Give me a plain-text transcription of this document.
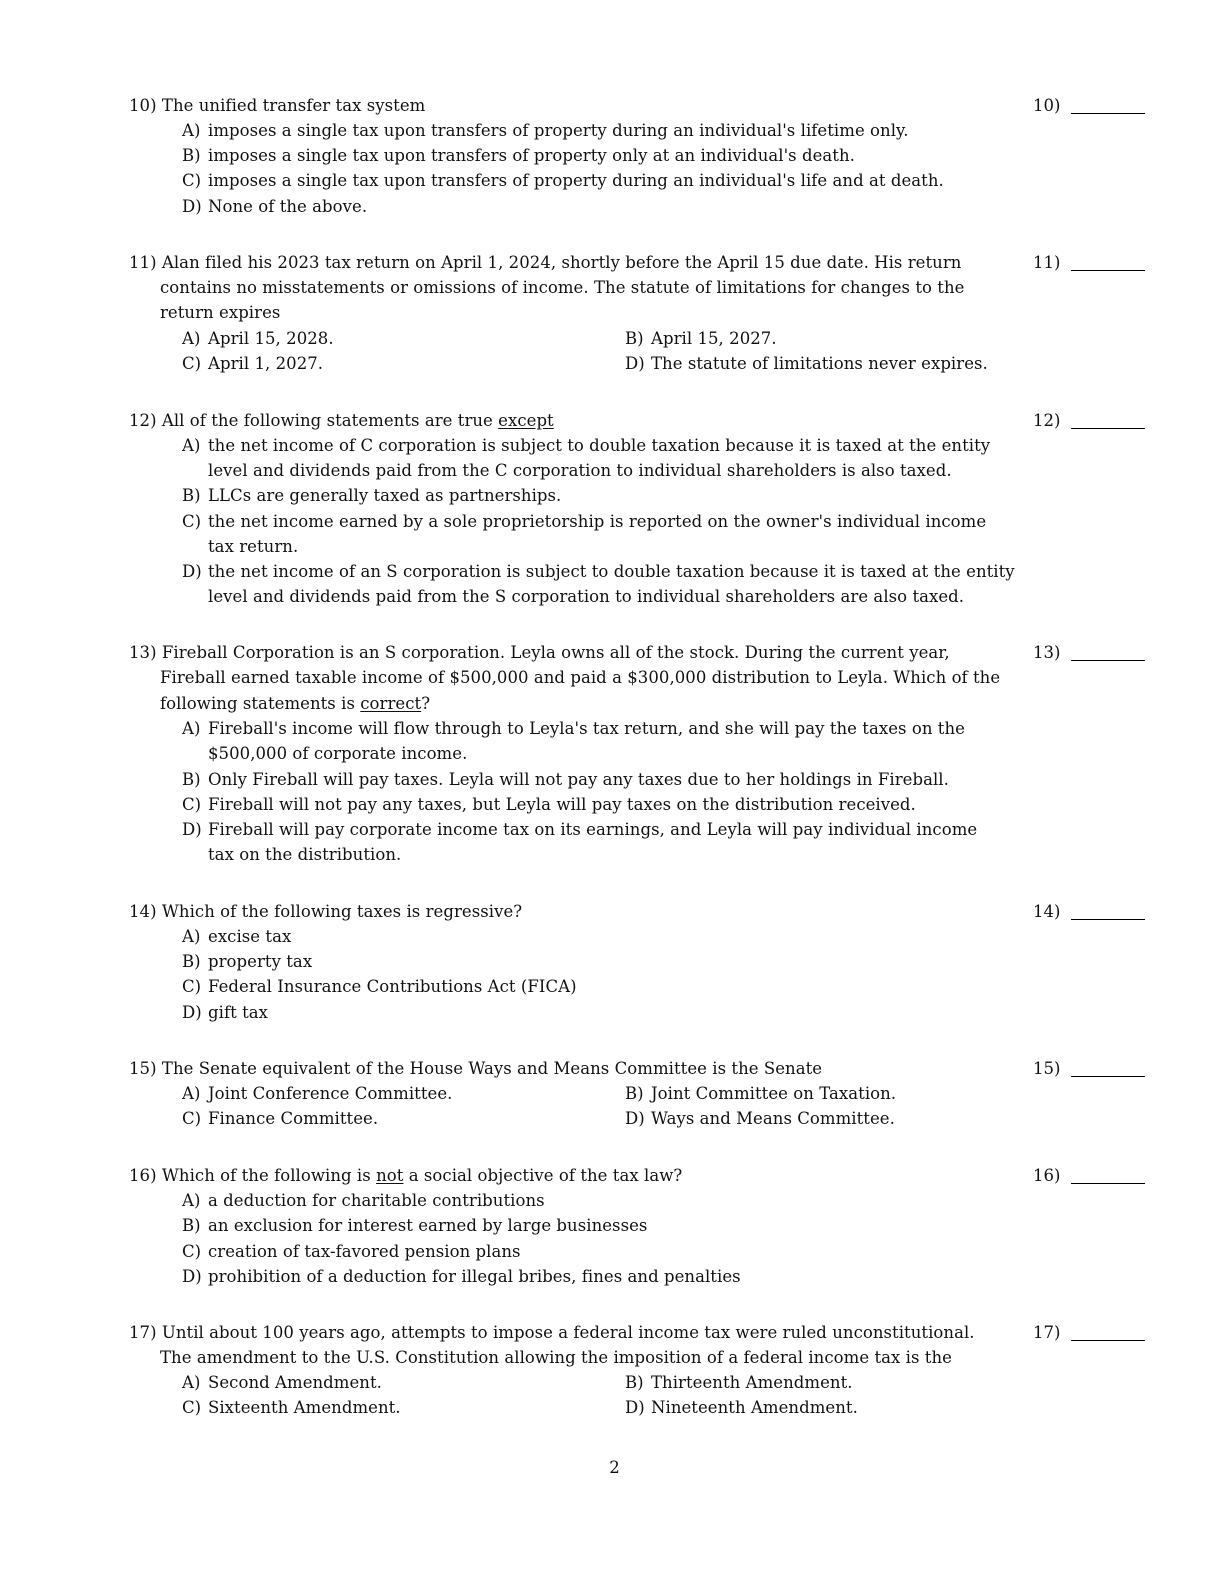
10) The unified transfer tax system	10)
A) imposes a single tax upon transfers of property during an individual's lifetime only.
B) imposes a single tax upon transfers of property only at an individual's death.
C) imposes a single tax upon transfers of property during an individual's life and at death.
D) None of the above.
11) Alan filed his 2023 tax return on April 1, 2024, shortly before the April 15 due date. His return
contains no misstatements or omissions of income. The statute of limitations for changes to the
return expires
11)
A) April 15, 2028.	B) April 15, 2027.
C) April 1, 2027.	D) The statute of limitations never expires.
12) All of the following statements are true except	12)
A) the net income of C corporation is subject to double taxation because it is taxed at the entity
level and dividends paid from the C corporation to individual shareholders is also taxed.
B) LLCs are generally taxed as partnerships.
C) the net income earned by a sole proprietorship is reported on the owner's individual income
tax return.
D) the net income of an S corporation is subject to double taxation because it is taxed at the entity
level and dividends paid from the S corporation to individual shareholders are also taxed.
13) Fireball Corporation is an S corporation. Leyla owns all of the stock. During the current year,
Fireball earned taxable income of $500,000 and paid a $300,000 distribution to Leyla. Which of the
following statements is correct?
13)
A) Fireball's income will flow through to Leyla's tax return, and she will pay the taxes on the
$500,000 of corporate income.
B) Only Fireball will pay taxes. Leyla will not pay any taxes due to her holdings in Fireball.
C) Fireball will not pay any taxes, but Leyla will pay taxes on the distribution received.
D) Fireball will pay corporate income tax on its earnings, and Leyla will pay individual income
tax on the distribution.
14) Which of the following taxes is regressive?	14)
A) excise tax
B) property tax
C) Federal Insurance Contributions Act (FICA)
D) gift tax
15) The Senate equivalent of the House Ways and Means Committee is the Senate	15)
A) Joint Conference Committee.	B) Joint Committee on Taxation.
C) Finance Committee.	D) Ways and Means Committee.
16) Which of the following is not a social objective of the tax law?	16)
A) a deduction for charitable contributions
B) an exclusion for interest earned by large businesses
C) creation of tax-favored pension plans
D) prohibition of a deduction for illegal bribes, fines and penalties
17) Until about 100 years ago, attempts to impose a federal income tax were ruled unconstitutional.
The amendment to the U.S. Constitution allowing the imposition of a federal income tax is the
17)
A) Second Amendment.	B) Thirteenth Amendment.
C) Sixteenth Amendment.	D) Nineteenth Amendment.
2
